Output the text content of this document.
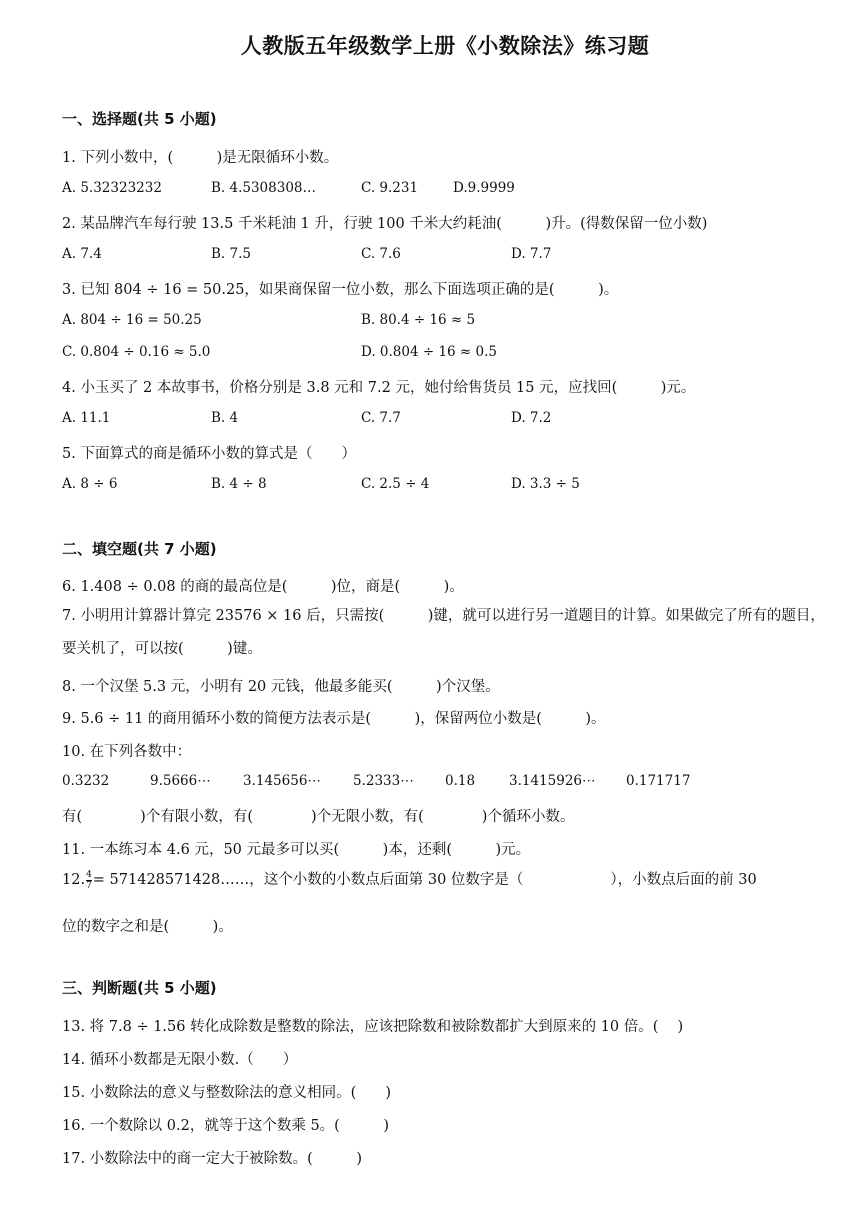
人教版五年级数学上册《小数除法》练习题
一、选择题(共 5 小题)
1. 下列小数中，(　　　)是无限循环小数。
A. 5.32323232	B. 4.5308308…	C. 9.231	D.9.9999
2. 某品牌汽车每行驶 13.5 千米耗油 1 升，行驶 100 千米大约耗油(　　　)升。(得数保留一位小数)
A. 7.4	B. 7.5	C. 7.6	D. 7.7
3. 已知 804 ÷ 16 = 50.25，如果商保留一位小数，那么下面选项正确的是(　　　)。
A. 804 ÷ 16 = 50.25	B. 80.4 ÷ 16 ≈ 5
C. 0.804 ÷ 0.16 ≈ 5.0	D. 0.804 ÷ 16 ≈ 0.5
4. 小玉买了 2 本故事书，价格分别是 3.8 元和 7.2 元，她付给售货员 15 元，应找回(　　　)元。
A. 11.1	B. 4	C. 7.7	D. 7.2
5. 下面算式的商是循环小数的算式是（　　）
A. 8 ÷ 6	B. 4 ÷ 8	C. 2.5 ÷ 4	D. 3.3 ÷ 5
二、填空题(共 7 小题)
6. 1.408 ÷ 0.08 的商的最高位是(　　　)位，商是(　　　)。
7. 小明用计算器计算完 23576 × 16 后，只需按(　　　)键，就可以进行另一道题目的计算。如果做完了所有的题目，要关机了，可以按(　　　)键。
8. 一个汉堡 5.3 元，小明有 20 元钱，他最多能买(　　　)个汉堡。
9. 5.6 ÷ 11 的商用循环小数的简便方法表示是(　　　)，保留两位小数是(　　　)。
10. 在下列各数中：
0.3232	9.5666⋯ 3.145656⋯ 5.2333⋯ 0.18	3.1415926⋯ 0.171717
有(　　　　)个有限小数，有(　　　　)个无限小数，有(　　　　)个循环小数。
11. 一本练习本 4.6 元，50 元最多可以买(　　　)本，还剩(　　　)元。
12. $\frac{4}{7}$ = 571428571428……，这个小数的小数点后面第 30 位数字是（　　　　　　），小数点后面的前 30
位的数字之和是(　　　)。
三、判断题(共 5 小题)
13. 将 7.8 ÷ 1.56 转化成除数是整数的除法，应该把除数和被除数都扩大到原来的 10 倍。(　 )
14. 循环小数都是无限小数.（　　）
15. 小数除法的意义与整数除法的意义相同。(　　)
16. 一个数除以 0.2，就等于这个数乘 5。(　　　)
17. 小数除法中的商一定大于被除数。(　　　)
